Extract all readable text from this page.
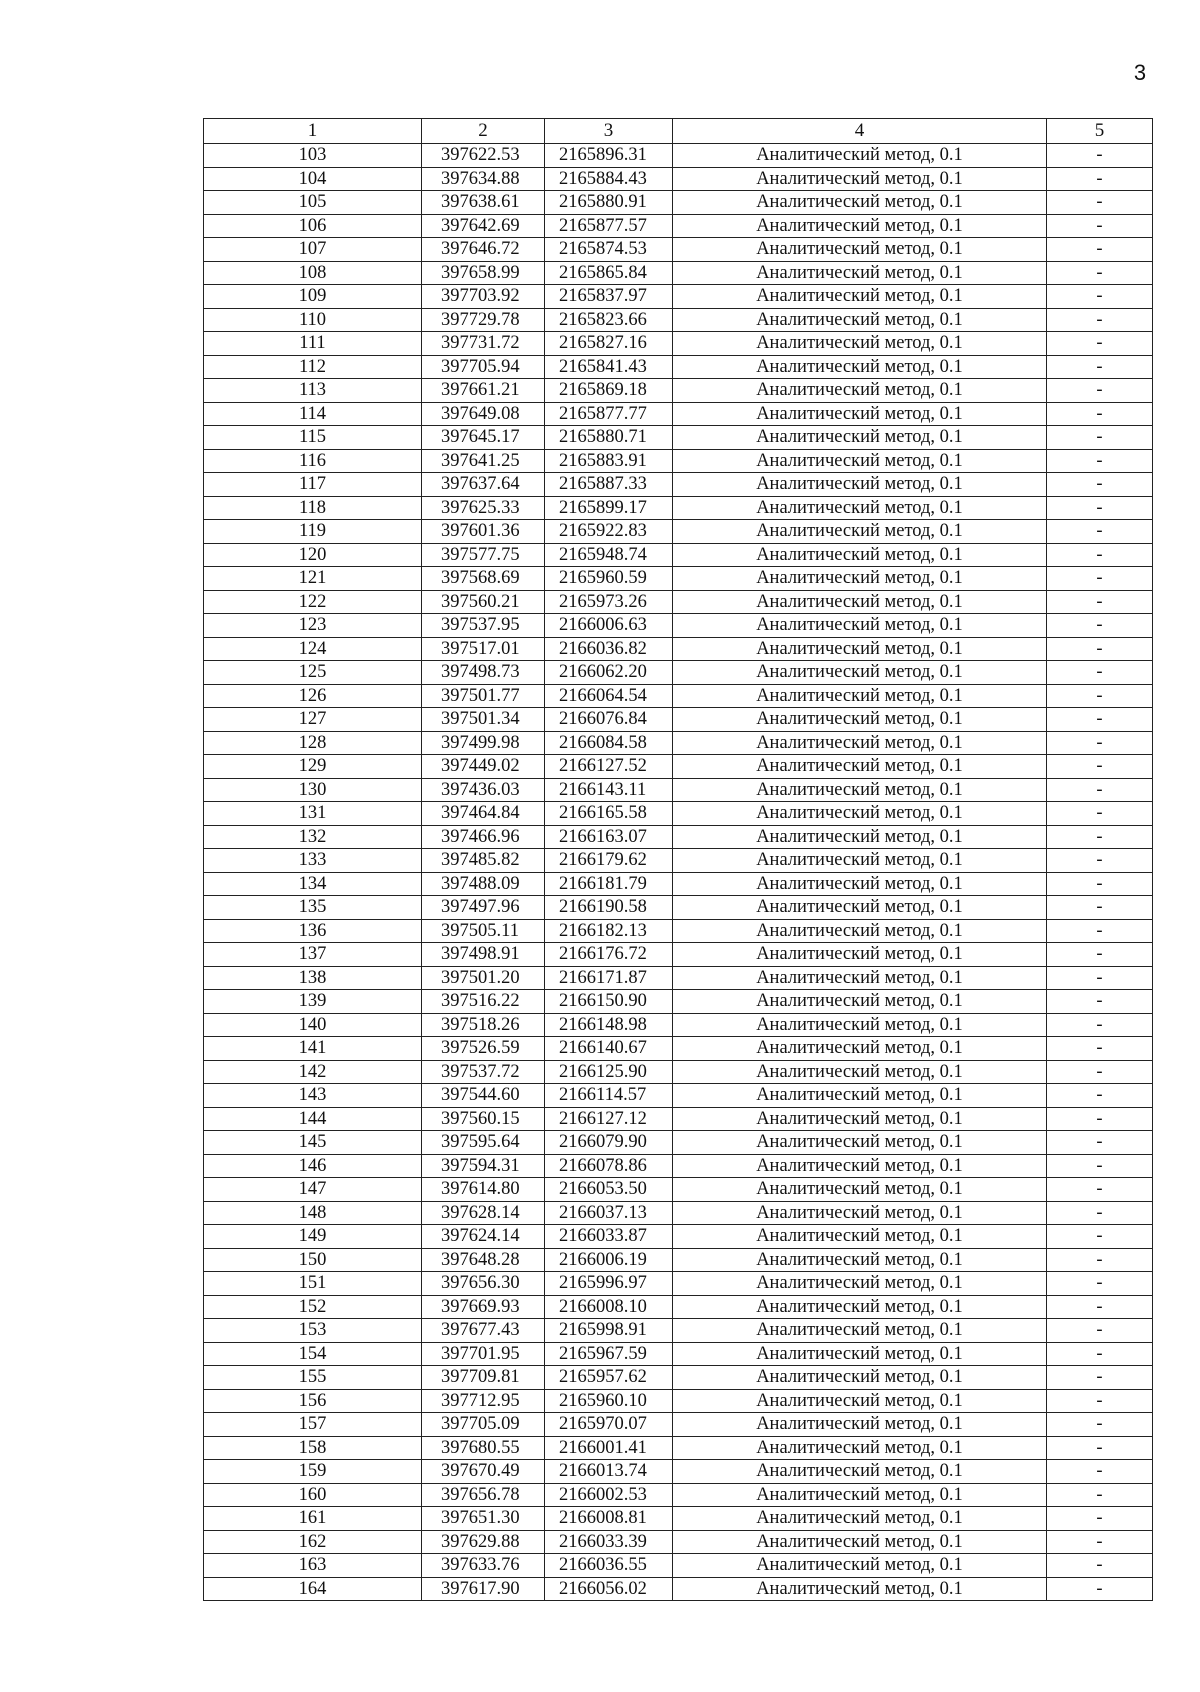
3
1	2	3	4	5
103	397622.53	2165896.31	Аналитический метод, 0.1	-
104	397634.88	2165884.43	Аналитический метод, 0.1	-
105	397638.61	2165880.91	Аналитический метод, 0.1	-
106	397642.69	2165877.57	Аналитический метод, 0.1	-
107	397646.72	2165874.53	Аналитический метод, 0.1	-
108	397658.99	2165865.84	Аналитический метод, 0.1	-
109	397703.92	2165837.97	Аналитический метод, 0.1	-
110	397729.78	2165823.66	Аналитический метод, 0.1	-
111	397731.72	2165827.16	Аналитический метод, 0.1	-
112	397705.94	2165841.43	Аналитический метод, 0.1	-
113	397661.21	2165869.18	Аналитический метод, 0.1	-
114	397649.08	2165877.77	Аналитический метод, 0.1	-
115	397645.17	2165880.71	Аналитический метод, 0.1	-
116	397641.25	2165883.91	Аналитический метод, 0.1	-
117	397637.64	2165887.33	Аналитический метод, 0.1	-
118	397625.33	2165899.17	Аналитический метод, 0.1	-
119	397601.36	2165922.83	Аналитический метод, 0.1	-
120	397577.75	2165948.74	Аналитический метод, 0.1	-
121	397568.69	2165960.59	Аналитический метод, 0.1	-
122	397560.21	2165973.26	Аналитический метод, 0.1	-
123	397537.95	2166006.63	Аналитический метод, 0.1	-
124	397517.01	2166036.82	Аналитический метод, 0.1	-
125	397498.73	2166062.20	Аналитический метод, 0.1	-
126	397501.77	2166064.54	Аналитический метод, 0.1	-
127	397501.34	2166076.84	Аналитический метод, 0.1	-
128	397499.98	2166084.58	Аналитический метод, 0.1	-
129	397449.02	2166127.52	Аналитический метод, 0.1	-
130	397436.03	2166143.11	Аналитический метод, 0.1	-
131	397464.84	2166165.58	Аналитический метод, 0.1	-
132	397466.96	2166163.07	Аналитический метод, 0.1	-
133	397485.82	2166179.62	Аналитический метод, 0.1	-
134	397488.09	2166181.79	Аналитический метод, 0.1	-
135	397497.96	2166190.58	Аналитический метод, 0.1	-
136	397505.11	2166182.13	Аналитический метод, 0.1	-
137	397498.91	2166176.72	Аналитический метод, 0.1	-
138	397501.20	2166171.87	Аналитический метод, 0.1	-
139	397516.22	2166150.90	Аналитический метод, 0.1	-
140	397518.26	2166148.98	Аналитический метод, 0.1	-
141	397526.59	2166140.67	Аналитический метод, 0.1	-
142	397537.72	2166125.90	Аналитический метод, 0.1	-
143	397544.60	2166114.57	Аналитический метод, 0.1	-
144	397560.15	2166127.12	Аналитический метод, 0.1	-
145	397595.64	2166079.90	Аналитический метод, 0.1	-
146	397594.31	2166078.86	Аналитический метод, 0.1	-
147	397614.80	2166053.50	Аналитический метод, 0.1	-
148	397628.14	2166037.13	Аналитический метод, 0.1	-
149	397624.14	2166033.87	Аналитический метод, 0.1	-
150	397648.28	2166006.19	Аналитический метод, 0.1	-
151	397656.30	2165996.97	Аналитический метод, 0.1	-
152	397669.93	2166008.10	Аналитический метод, 0.1	-
153	397677.43	2165998.91	Аналитический метод, 0.1	-
154	397701.95	2165967.59	Аналитический метод, 0.1	-
155	397709.81	2165957.62	Аналитический метод, 0.1	-
156	397712.95	2165960.10	Аналитический метод, 0.1	-
157	397705.09	2165970.07	Аналитический метод, 0.1	-
158	397680.55	2166001.41	Аналитический метод, 0.1	-
159	397670.49	2166013.74	Аналитический метод, 0.1	-
160	397656.78	2166002.53	Аналитический метод, 0.1	-
161	397651.30	2166008.81	Аналитический метод, 0.1	-
162	397629.88	2166033.39	Аналитический метод, 0.1	-
163	397633.76	2166036.55	Аналитический метод, 0.1	-
164	397617.90	2166056.02	Аналитический метод, 0.1	-
